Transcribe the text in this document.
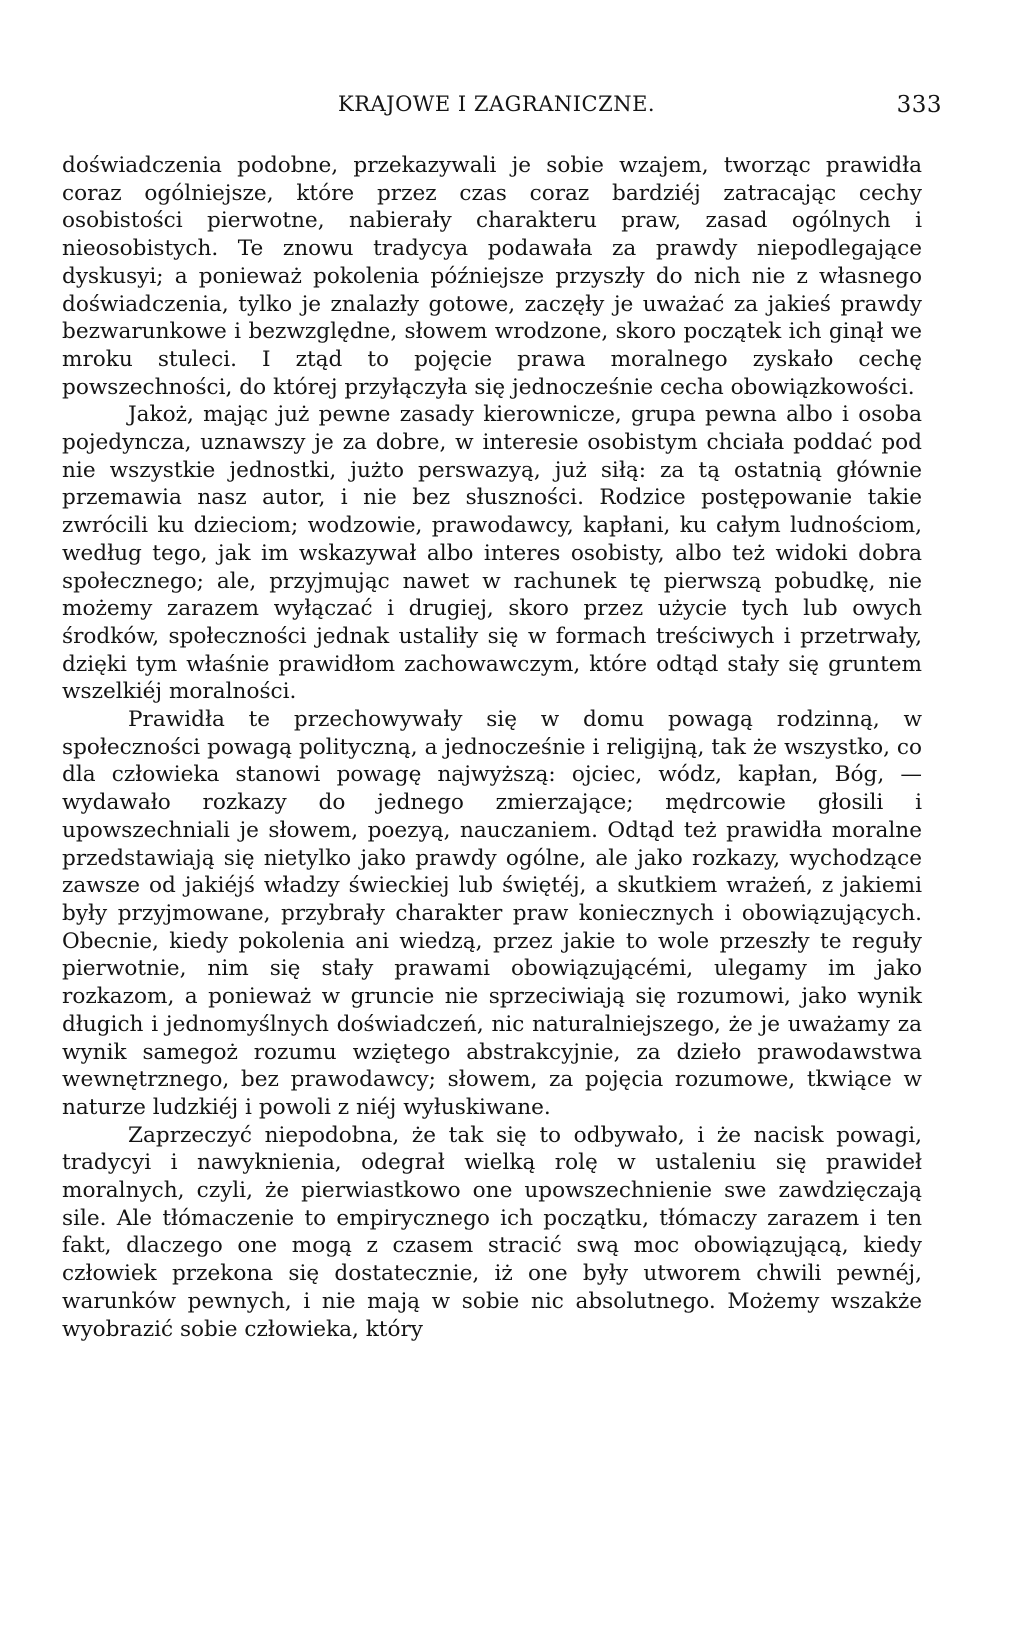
KRAJOWE I ZAGRANICZNE.	333

doświadczenia podobne, przekazywali je sobie wzajem, tworząc prawidła coraz ogólniejsze, które przez czas coraz bardziéj zatracając cechy osobistości pierwotne, nabierały charakteru praw, zasad ogólnych i nieosobistych. Te znowu tradycya podawała za prawdy niepodlegające dyskusyi; a ponieważ pokolenia późniejsze przyszły do nich nie z własnego doświadczenia, tylko je znalazły gotowe, zaczęły je uważać za jakieś prawdy bezwarunkowe i bezwzględne, słowem wrodzone, skoro początek ich ginął we mroku stuleci. I ztąd to pojęcie prawa moralnego zyskało cechę powszechności, do której przyłączyła się jednocześnie cecha obowiązkowości.

Jakoż, mając już pewne zasady kierownicze, grupa pewna albo i osoba pojedyncza, uznawszy je za dobre, w interesie osobistym chciała poddać pod nie wszystkie jednostki, jużto perswazyą, już siłą: za tą ostatnią głównie przemawia nasz autor, i nie bez słuszności. Rodzice postępowanie takie zwrócili ku dzieciom; wodzowie, prawodawcy, kapłani, ku całym ludnościom, według tego, jak im wskazywał albo interes osobisty, albo też widoki dobra społecznego; ale, przyjmując nawet w rachunek tę pierwszą pobudkę, nie możemy zarazem wyłączać i drugiej, skoro przez użycie tych lub owych środków, społeczności jednak ustaliły się w formach treściwych i przetrwały, dzięki tym właśnie prawidłom zachowawczym, które odtąd stały się gruntem wszelkiéj moralności.

Prawidła te przechowywały się w domu powagą rodzinną, w społeczności powagą polityczną, a jednocześnie i religijną, tak że wszystko, co dla człowieka stanowi powagę najwyższą: ojciec, wódz, kapłan, Bóg, — wydawało rozkazy do jednego zmierzające; mędrcowie głosili i upowszechniali je słowem, poezyą, nauczaniem. Odtąd też prawidła moralne przedstawiają się nietylko jako prawdy ogólne, ale jako rozkazy, wychodzące zawsze od jakiéjś władzy świeckiej lub świętéj, a skutkiem wrażeń, z jakiemi były przyjmowane, przybrały charakter praw koniecznych i obowiązujących. Obecnie, kiedy pokolenia ani wiedzą, przez jakie to wole przeszły te reguły pierwotnie, nim się stały prawami obowiązującémi, ulegamy im jako rozkazom, a ponieważ w gruncie nie sprzeciwiają się rozumowi, jako wynik długich i jednomyślnych doświadczeń, nic naturalniejszego, że je uważamy za wynik samegoż rozumu wziętego abstrakcyjnie, za dzieło prawodawstwa wewnętrznego, bez prawodawcy; słowem, za pojęcia rozumowe, tkwiące w naturze ludzkiéj i powoli z niéj wyłuskiwane.

Zaprzeczyć niepodobna, że tak się to odbywało, i że nacisk powagi, tradycyi i nawyknienia, odegrał wielką rolę w ustaleniu się prawideł moralnych, czyli, że pierwiastkowo one upowszechnienie swe zawdzięczają sile. Ale tłómaczenie to empirycznego ich początku, tłómaczy zarazem i ten fakt, dlaczego one mogą z czasem stracić swą moc obowiązującą, kiedy człowiek przekona się dostatecznie, iż one były utworem chwili pewnéj, warunków pewnych, i nie mają w sobie nic absolutnego. Możemy wszakże wyobrazić sobie człowieka, który
